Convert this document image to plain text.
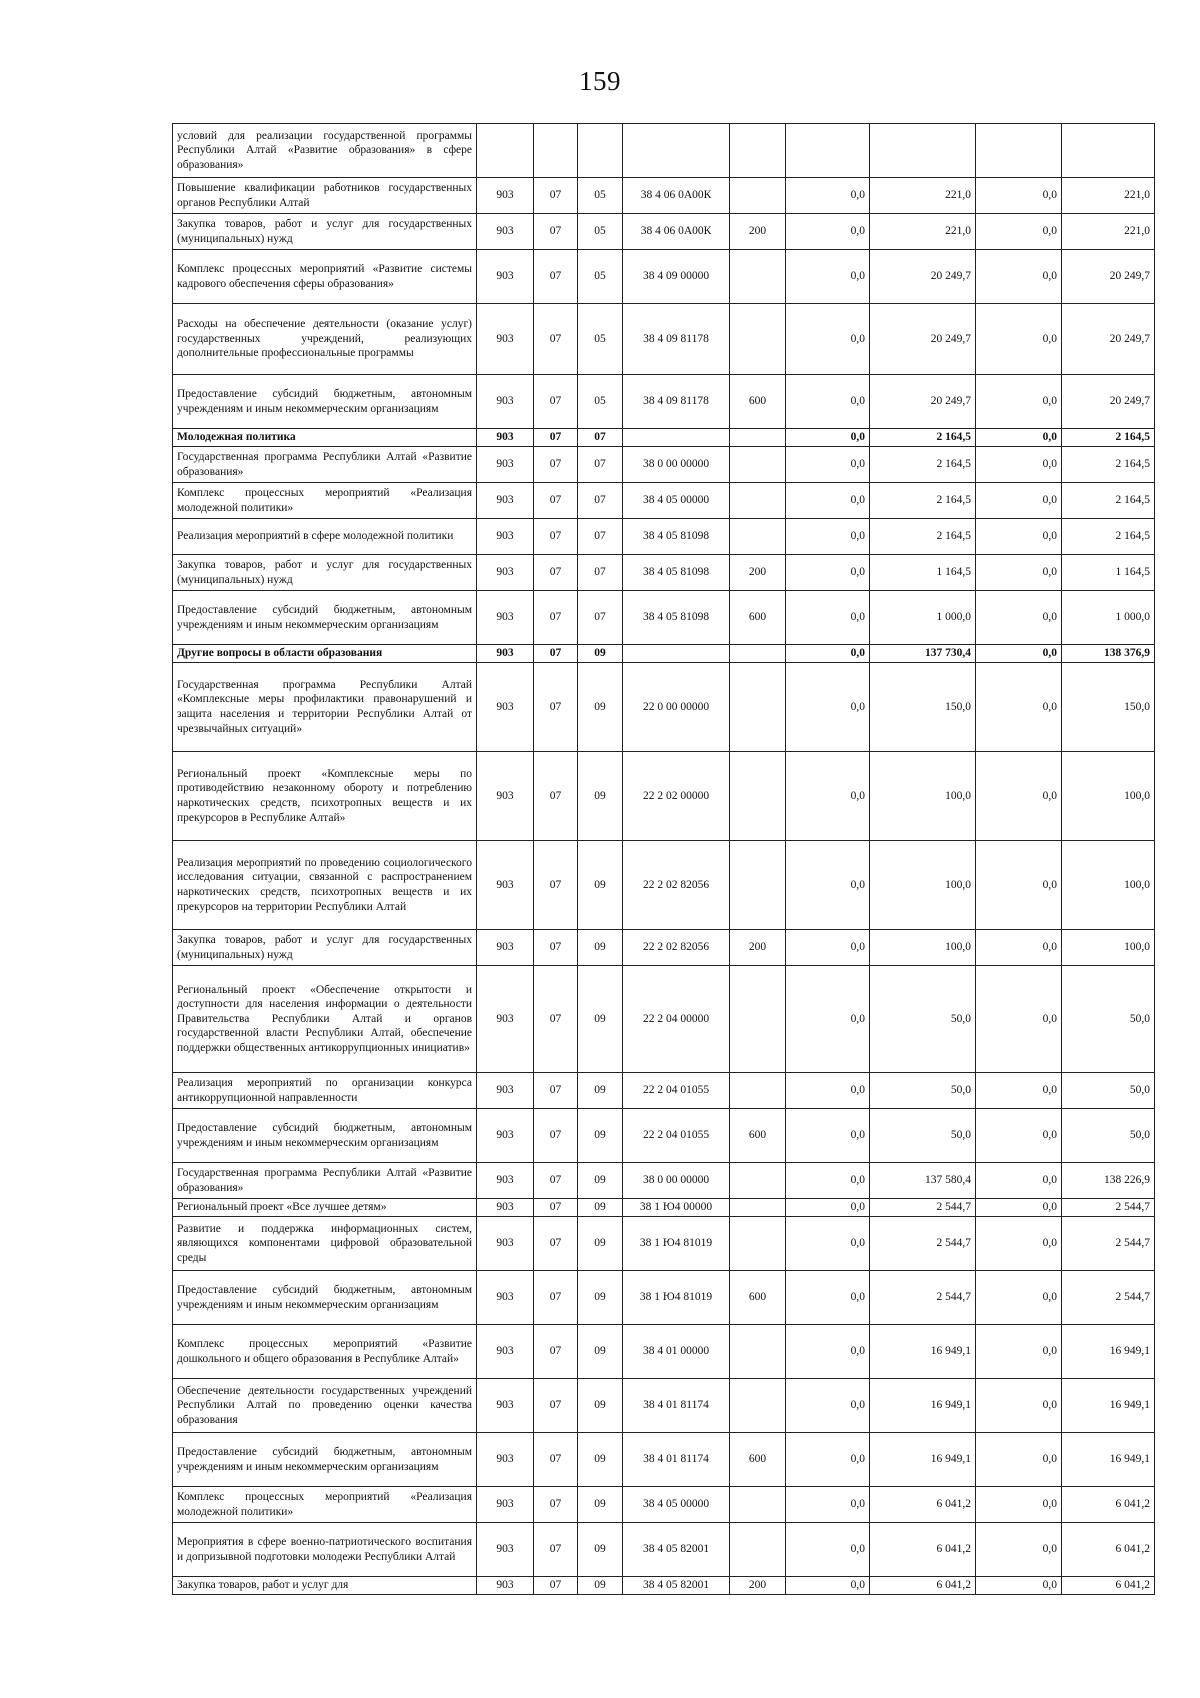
159
условий для реализации государственной программы Республики Алтай «Развитие образования» в сфере образования»									
Повышение квалификации работников государственных органов Республики Алтай	903	07	05	38 4 06 0А00К		0,0	221,0	0,0	221,0
Закупка товаров, работ и услуг для государственных (муниципальных) нужд	903	07	05	38 4 06 0А00К	200	0,0	221,0	0,0	221,0
Комплекс процессных мероприятий «Развитие системы кадрового обеспечения сферы образования»	903	07	05	38 4 09 00000		0,0	20 249,7	0,0	20 249,7
Расходы на обеспечение деятельности (оказание услуг) государственных учреждений, реализующих дополнительные профессиональные программы	903	07	05	38 4 09 81178		0,0	20 249,7	0,0	20 249,7
Предоставление субсидий бюджетным, автономным учреждениям и иным некоммерческим организациям	903	07	05	38 4 09 81178	600	0,0	20 249,7	0,0	20 249,7
Молодежная политика	903	07	07			0,0	2 164,5	0,0	2 164,5
Государственная программа Республики Алтай «Развитие образования»	903	07	07	38 0 00 00000		0,0	2 164,5	0,0	2 164,5
Комплекс процессных мероприятий «Реализация молодежной политики»	903	07	07	38 4 05 00000		0,0	2 164,5	0,0	2 164,5
Реализация мероприятий в сфере молодежной политики	903	07	07	38 4 05 81098		0,0	2 164,5	0,0	2 164,5
Закупка товаров, работ и услуг для государственных (муниципальных) нужд	903	07	07	38 4 05 81098	200	0,0	1 164,5	0,0	1 164,5
Предоставление субсидий бюджетным, автономным учреждениям и иным некоммерческим организациям	903	07	07	38 4 05 81098	600	0,0	1 000,0	0,0	1 000,0
Другие вопросы в области образования	903	07	09			0,0	137 730,4	0,0	138 376,9
Государственная программа Республики Алтай «Комплексные меры профилактики правонарушений и защита населения и территории Республики Алтай от чрезвычайных ситуаций»	903	07	09	22 0 00 00000		0,0	150,0	0,0	150,0
Региональный проект «Комплексные меры по противодействию незаконному обороту и потреблению наркотических средств, психотропных веществ и их прекурсоров в Республике Алтай»	903	07	09	22 2 02 00000		0,0	100,0	0,0	100,0
Реализация мероприятий по проведению социологического исследования ситуации, связанной с распространением наркотических средств, психотропных веществ и их прекурсоров на территории Республики Алтай	903	07	09	22 2 02 82056		0,0	100,0	0,0	100,0
Закупка товаров, работ и услуг для государственных (муниципальных) нужд	903	07	09	22 2 02 82056	200	0,0	100,0	0,0	100,0
Региональный проект «Обеспечение открытости и доступности для населения информации о деятельности Правительства Республики Алтай и органов государственной власти Республики Алтай, обеспечение поддержки общественных антикоррупционных инициатив»	903	07	09	22 2 04 00000		0,0	50,0	0,0	50,0
Реализация мероприятий по организации конкурса антикоррупционной направленности	903	07	09	22 2 04 01055		0,0	50,0	0,0	50,0
Предоставление субсидий бюджетным, автономным учреждениям и иным некоммерческим организациям	903	07	09	22 2 04 01055	600	0,0	50,0	0,0	50,0
Государственная программа Республики Алтай «Развитие образования»	903	07	09	38 0 00 00000		0,0	137 580,4	0,0	138 226,9
Региональный проект «Все лучшее детям»	903	07	09	38 1 Ю4 00000		0,0	2 544,7	0,0	2 544,7
Развитие и поддержка информационных систем, являющихся компонентами цифровой образовательной среды	903	07	09	38 1 Ю4 81019		0,0	2 544,7	0,0	2 544,7
Предоставление субсидий бюджетным, автономным учреждениям и иным некоммерческим организациям	903	07	09	38 1 Ю4 81019	600	0,0	2 544,7	0,0	2 544,7
Комплекс процессных мероприятий «Развитие дошкольного и общего образования в Республике Алтай»	903	07	09	38 4 01 00000		0,0	16 949,1	0,0	16 949,1
Обеспечение деятельности государственных учреждений Республики Алтай по проведению оценки качества образования	903	07	09	38 4 01 81174		0,0	16 949,1	0,0	16 949,1
Предоставление субсидий бюджетным, автономным учреждениям и иным некоммерческим организациям	903	07	09	38 4 01 81174	600	0,0	16 949,1	0,0	16 949,1
Комплекс процессных мероприятий «Реализация молодежной политики»	903	07	09	38 4 05 00000		0,0	6 041,2	0,0	6 041,2
Мероприятия в сфере военно-патриотического воспитания и допризывной подготовки молодежи Республики Алтай	903	07	09	38 4 05 82001		0,0	6 041,2	0,0	6 041,2
Закупка товаров, работ и услуг для	903	07	09	38 4 05 82001	200	0,0	6 041,2	0,0	6 041,2
